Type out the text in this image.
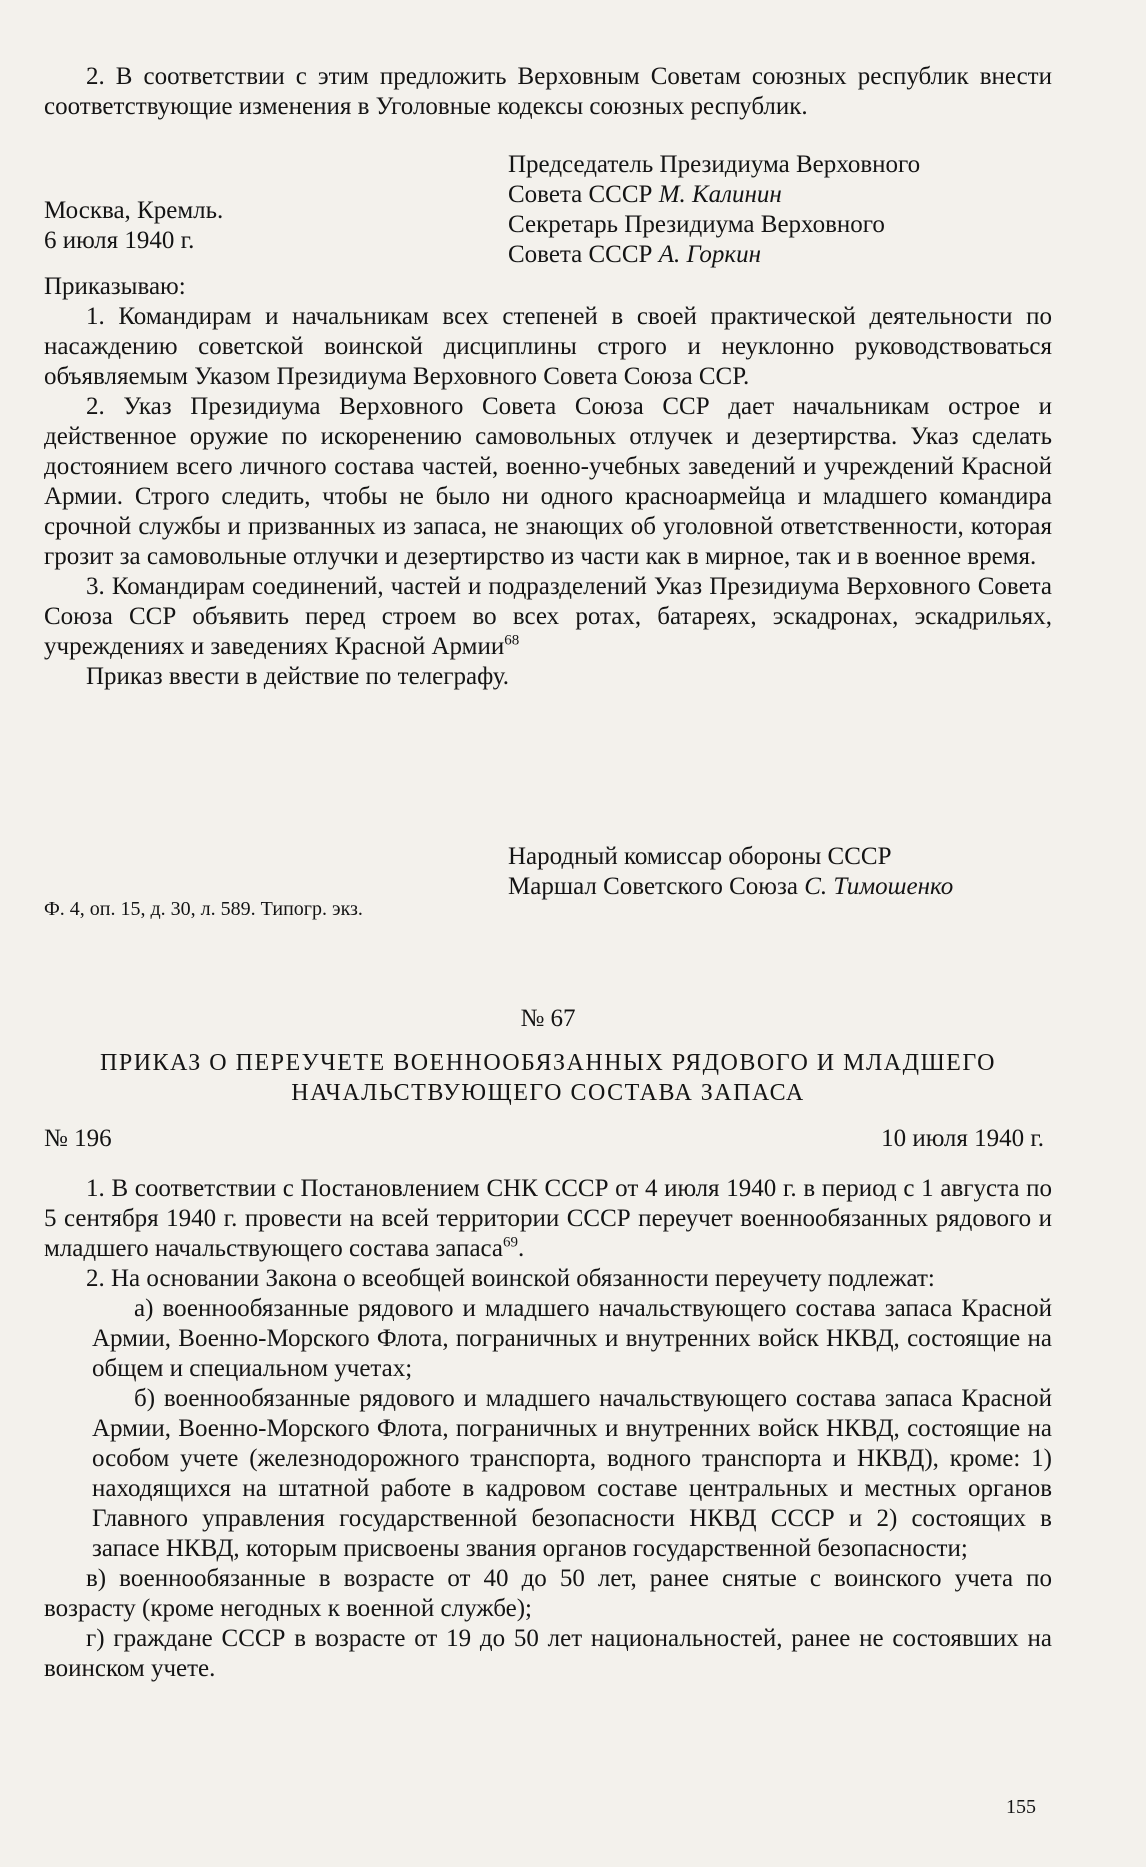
2. В соответствии с этим предложить Верховным Советам союзных республик внести соответствующие изменения в Уголовные кодексы союзных республик.

Москва, Кремль.

6 июля 1940 г.

Председатель Президиума Верховного

Совета СССР М. Калинин

Секретарь Президиума Верховного

Совета СССР А. Горкин

Приказываю:

1. Командирам и начальникам всех степеней в своей практической деятельности по насаждению советской воинской дисциплины строго и неуклонно руководствоваться объявляемым Указом Президиума Верховного Совета Союза ССР.

2. Указ Президиума Верховного Совета Союза ССР дает начальникам острое и действенное оружие по искоренению самовольных отлучек и дезертирства. Указ сделать достоянием всего личного состава частей, военно-учебных заведений и учреждений Красной Армии. Строго следить, чтобы не было ни одного красноармейца и младшего командира срочной службы и призванных из запаса, не знающих об уголовной ответственности, которая грозит за самовольные отлучки и дезертирство из части как в мирное, так и в военное время.

3. Командирам соединений, частей и подразделений Указ Президиума Верховного Совета Союза ССР объявить перед строем во всех ротах, батареях, эскадронах, эскадрильях, учреждениях и заведениях Красной Армии$^{68}$

Приказ ввести в действие по телеграфу.

Народный комиссар обороны СССР

Маршал Советского Союза С. Тимошенко

Ф. 4, оп. 15, д. 30, л. 589. Типогр. экз.

№ 67

ПРИКАЗ О ПЕРЕУЧЕТЕ ВОЕННООБЯЗАННЫХ РЯДОВОГО И МЛАДШЕГО

НАЧАЛЬСТВУЮЩЕГО СОСТАВА ЗАПАСА

№ 196	10 июля 1940 г.

1. В соответствии с Постановлением СНК СССР от 4 июля 1940 г. в период с 1 августа по 5 сентября 1940 г. провести на всей территории СССР переучет военнообязанных рядового и младшего начальствующего состава запаса$^{69}$.

2. На основании Закона о всеобщей воинской обязанности переучету подлежат:

а) военнообязанные рядового и младшего начальствующего состава запаса Красной Армии, Военно-Морского Флота, пограничных и внутренних войск НКВД, состоящие на общем и специальном учетах;

б) военнообязанные рядового и младшего начальствующего состава запаса Красной Армии, Военно-Морского Флота, пограничных и внутренних войск НКВД, состоящие на особом учете (железнодорожного транспорта, водного транспорта и НКВД), кроме: 1) находящихся на штатной работе в кадровом составе центральных и местных органов Главного управления государственной безопасности НКВД СССР и 2) состоящих в запасе НКВД, которым присвоены звания органов государственной безопасности;

в) военнообязанные в возрасте от 40 до 50 лет, ранее снятые с воинского учета по возрасту (кроме негодных к военной службе);

г) граждане СССР в возрасте от 19 до 50 лет национальностей, ранее не состоявших на воинском учете.

155
